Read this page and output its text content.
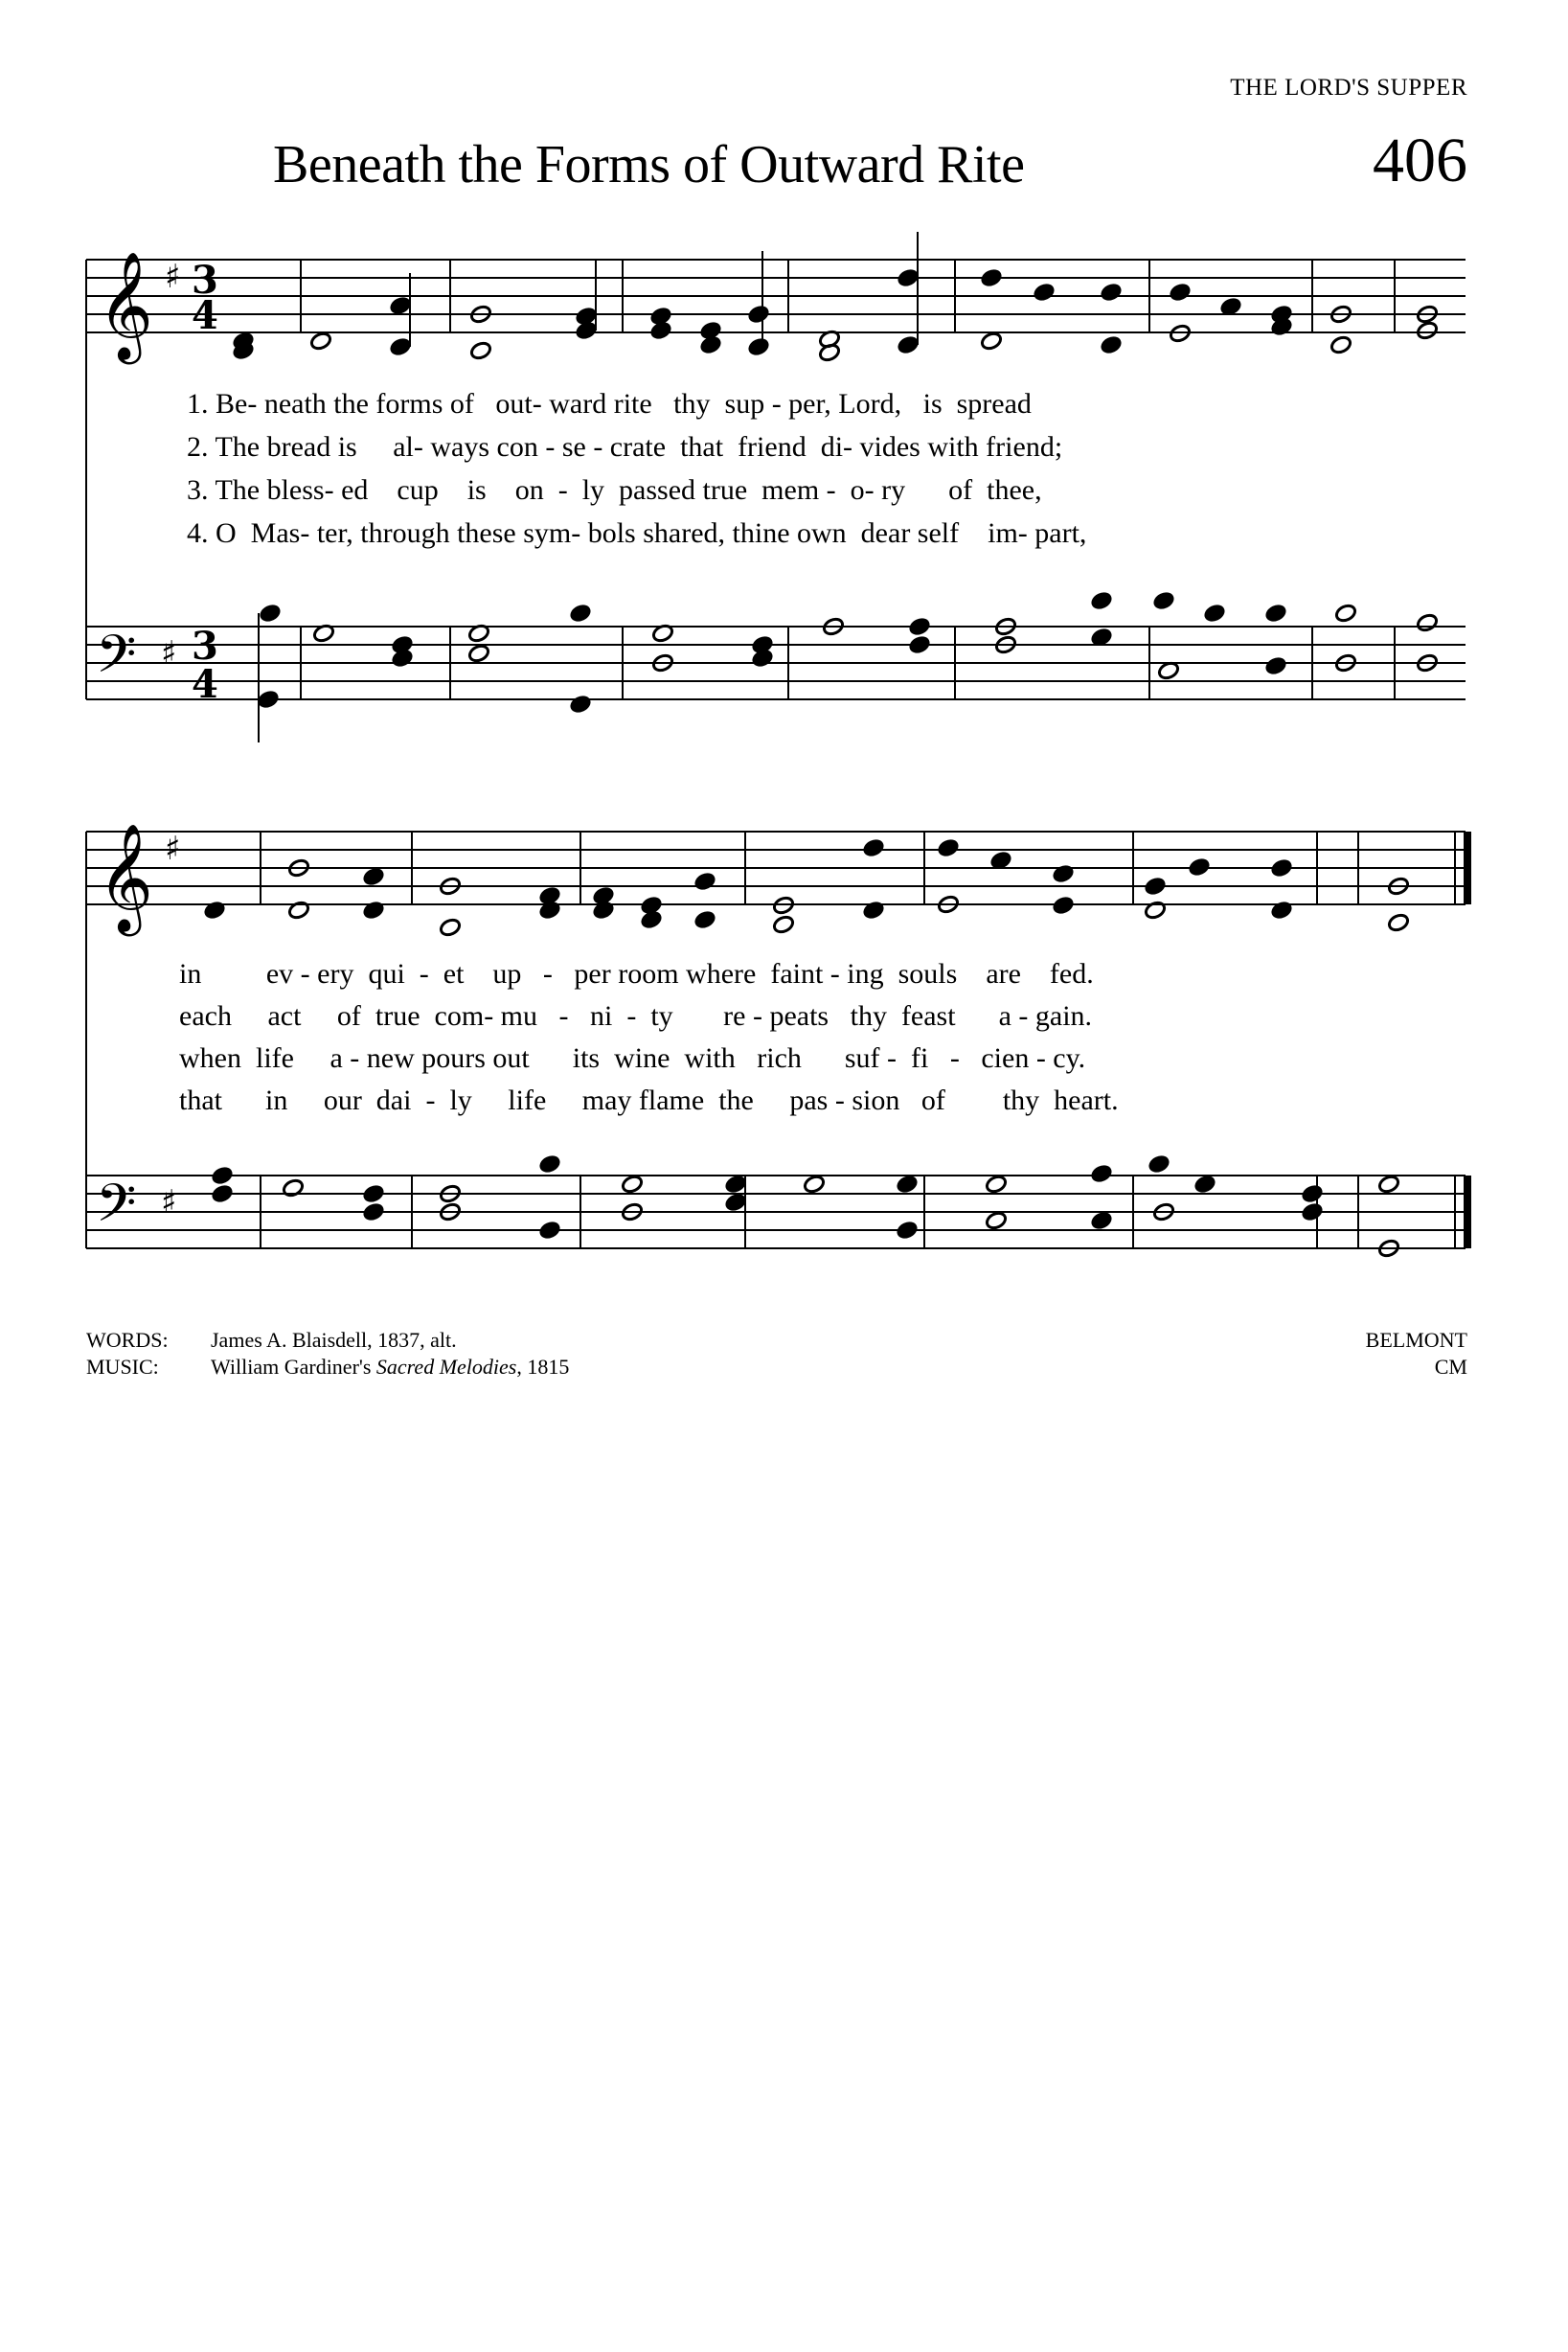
THE LORD'S SUPPER
Beneath the Forms of Outward Rite	406
𝄞 ♯ 3
4
𝄢 ♯ 3
4
𝄞 ♯
𝄢 ♯
1. Be- neath the forms of   out- ward rite   thy  sup - per, Lord,   is  spread
2. The bread is     al- ways con - se - crate  that  friend  di- vides with friend;
3. The bless- ed    cup    is    on  -  ly  passed true  mem -  o- ry      of  thee,
4. O  Mas- ter, through these sym- bols shared, thine own  dear self    im- part,
in         ev - ery  qui  -  et    up   -   per room where  faint - ing  souls    are    fed.
each     act     of  true  com- mu   -   ni  -  ty       re - peats   thy  feast      a - gain.
when  life     a - new pours out      its  wine  with   rich      suf -  fi   -   cien - cy.
that      in     our  dai  -  ly     life     may flame  the     pas - sion   of        thy  heart.
WORDS: James A. Blaisdell, 1837, alt.
MUSIC: William Gardiner's Sacred Melodies, 1815
BELMONT
CM
